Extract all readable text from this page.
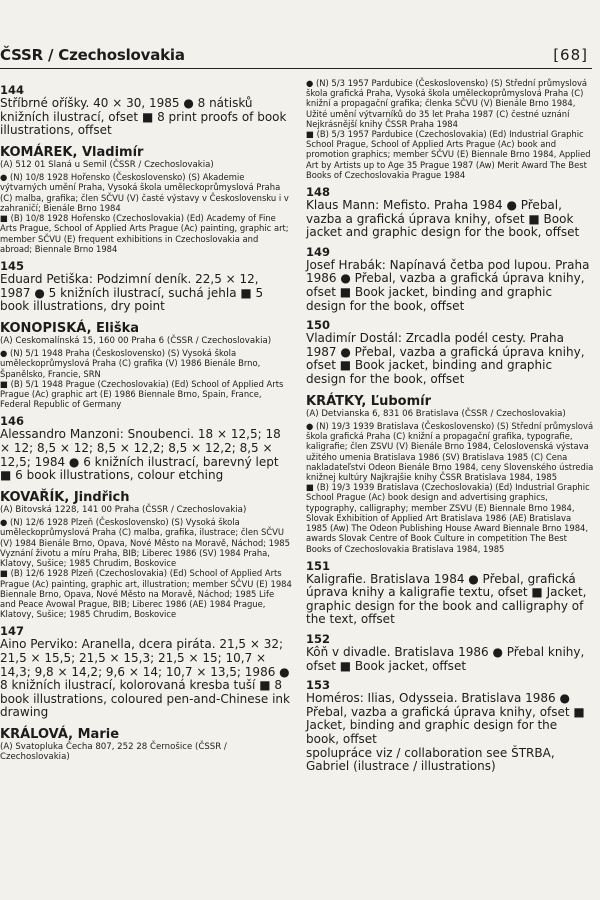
ČSSR / Czechoslovakia	[68]
144

Stříbrné oříšky. 40 × 30, 1985 ● 8 nátisků knižních ilustrací, ofset ■ 8 print proofs of book illustrations, offset

KOMÁREK, Vladimír
(A) 512 01 Slaná u Semil (ČSSR / Czechoslovakia)

● (N) 10/8 1928 Hořensko (Československo) (S) Akademie výtvarných umění Praha, Vysoká škola uměleckoprůmyslová Praha (C) malba, grafika; člen SČVU (V) časté výstavy v Československu i v zahraničí; Bienále Brno 1984

■ (B) 10/8 1928 Hořensko (Czechoslovakia) (Ed) Academy of Fine Arts Prague, School of Applied Arts Prague (Ac) painting, graphic art; member SČVU (E) frequent exhibitions in Czechoslovakia and abroad; Biennale Brno 1984

145

Eduard Petiška: Podzimní deník. 22,5 × 12, 1987 ● 5 knižních ilustrací, suchá jehla ■ 5 book illustrations, dry point

KONOPISKÁ, Eliška
(A) Ceskomalínská 15, 160 00 Praha 6 (ČSSR / Czechoslovakia)

● (N) 5/1 1948 Praha (Československo) (S) Vysoká škola uměleckoprůmyslová Praha (C) grafika (V) 1986 Bienále Brno, Španělsko, Francie, SRN

■ (B) 5/1 1948 Prague (Czechoslovakia) (Ed) School of Applied Arts Prague (Ac) graphic art (E) 1986 Biennale Brno, Spain, France, Federal Republic of Germany

146

Alessandro Manzoni: Snoubenci. 18 × 12,5; 18 × 12; 8,5 × 12; 8,5 × 12,2; 8,5 × 12,2; 8,5 × 12,5; 1984 ● 6 knižních ilustrací, barevný lept ■ 6 book illustrations, colour etching

KOVAŘÍK, Jindřich
(A) Bitovská 1228, 141 00 Praha (ČSSR / Czechoslovakia)

● (N) 12/6 1928 Plzeň (Československo) (S) Vysoká škola uměleckoprůmyslová Praha (C) malba, grafika, ilustrace; člen SČVU (V) 1984 Bienále Brno, Opava, Nové Město na Moravě, Náchod; 1985 Vyznání životu a míru Praha, BIB; Liberec 1986 (SV) 1984 Praha, Klatovy, Sušice; 1985 Chrudim, Boskovice

■ (B) 12/6 1928 Plzeň (Czechoslovakia) (Ed) School of Applied Arts Prague (Ac) painting, graphic art, illustration; member SČVU (E) 1984 Biennale Brno, Opava, Nové Město na Moravě, Náchod; 1985 Life and Peace Avowal Prague, BIB; Liberec 1986 (AE) 1984 Prague, Klatovy, Sušice; 1985 Chrudim, Boskovice

147

Aino Perviko: Aranella, dcera piráta. 21,5 × 32; 21,5 × 15,5; 21,5 × 15,3; 21,5 × 15; 10,7 × 14,3; 9,8 × 14,2; 9,6 × 14; 10,7 × 13,5; 1986 ● 8 knižních ilustrací, kolorovaná kresba tuší ■ 8 book illustrations, coloured pen-and-Chinese ink drawing

KRÁLOVÁ, Marie
(A) Svatopluka Čecha 807, 252 28 Černošice (ČSSR / Czechoslovakia)

● (N) 5/3 1957 Pardubice (Československo) (S) Střední průmyslová škola grafická Praha, Vysoká škola uměleckoprůmyslová Praha (C) knižní a propagační grafika; členka SČVU (V) Bienále Brno 1984, Užité umění výtvarníků do 35 let Praha 1987 (C) čestné uznání Nejkrásnější knihy ČSSR Praha 1984

■ (B) 5/3 1957 Pardubice (Czechoslovakia) (Ed) Industrial Graphic School Prague, School of Applied Arts Prague (Ac) book and promotion graphics; member SČVU (E) Biennale Brno 1984, Applied Art by Artists up to Age 35 Prague 1987 (Aw) Merit Award The Best Books of Czechoslovakia Prague 1984

148

Klaus Mann: Mefisto. Praha 1984 ● Přebal, vazba a grafická úprava knihy, ofset ■ Book jacket and graphic design for the book, offset

149

Josef Hrabák: Napínavá četba pod lupou. Praha 1986 ● Přebal, vazba a grafická úprava knihy, ofset ■ Book jacket, binding and graphic design for the book, offset

150

Vladimír Dostál: Zrcadla podél cesty. Praha 1987 ● Přebal, vazba a grafická úprava knihy, ofset ■ Book jacket, binding and graphic design for the book, offset

KRÁTKY, Ľubomír
(A) Detvianska 6, 831 06 Bratislava (ČSSR / Czechoslovakia)

● (N) 19/3 1939 Bratislava (Československo) (S) Střední průmyslová škola grafická Praha (C) knižní a propagační grafika, typografie, kaligrafie; člen ZSVU (V) Bienále Brno 1984, Celoslovenská výstava užitého umenia Bratislava 1986 (SV) Bratislava 1985 (C) Cena nakladateľstvi Odeon Bienále Brno 1984, ceny Slovenského ústredia knižnej kultúry Najkrajšie knihy ČSSR Bratislava 1984, 1985

■ (B) 19/3 1939 Bratislava (Czechoslovakia) (Ed) Industrial Graphic School Prague (Ac) book design and advertising graphics, typography, calligraphy; member ZSVU (E) Biennale Brno 1984, Slovak Exhibition of Applied Art Bratislava 1986 (AE) Bratislava 1985 (Aw) The Odeon Publishing House Award Biennale Brno 1984, awards Slovak Centre of Book Culture in competition The Best Books of Czechoslovakia Bratislava 1984, 1985

151

Kaligrafie. Bratislava 1984 ● Přebal, grafická úprava knihy a kaligrafie textu, ofset ■ Jacket, graphic design for the book and calligraphy of the text, offset

152

Kôň v divadle. Bratislava 1986 ● Přebal knihy, ofset ■ Book jacket, offset

153

Homéros: Ilias, Odysseia. Bratislava 1986 ● Přebal, vazba a grafická úprava knihy, ofset ■ Jacket, binding and graphic design for the book, offset

spolupráce viz / collaboration see ŠTRBA, Gabriel (ilustrace / illustrations)
